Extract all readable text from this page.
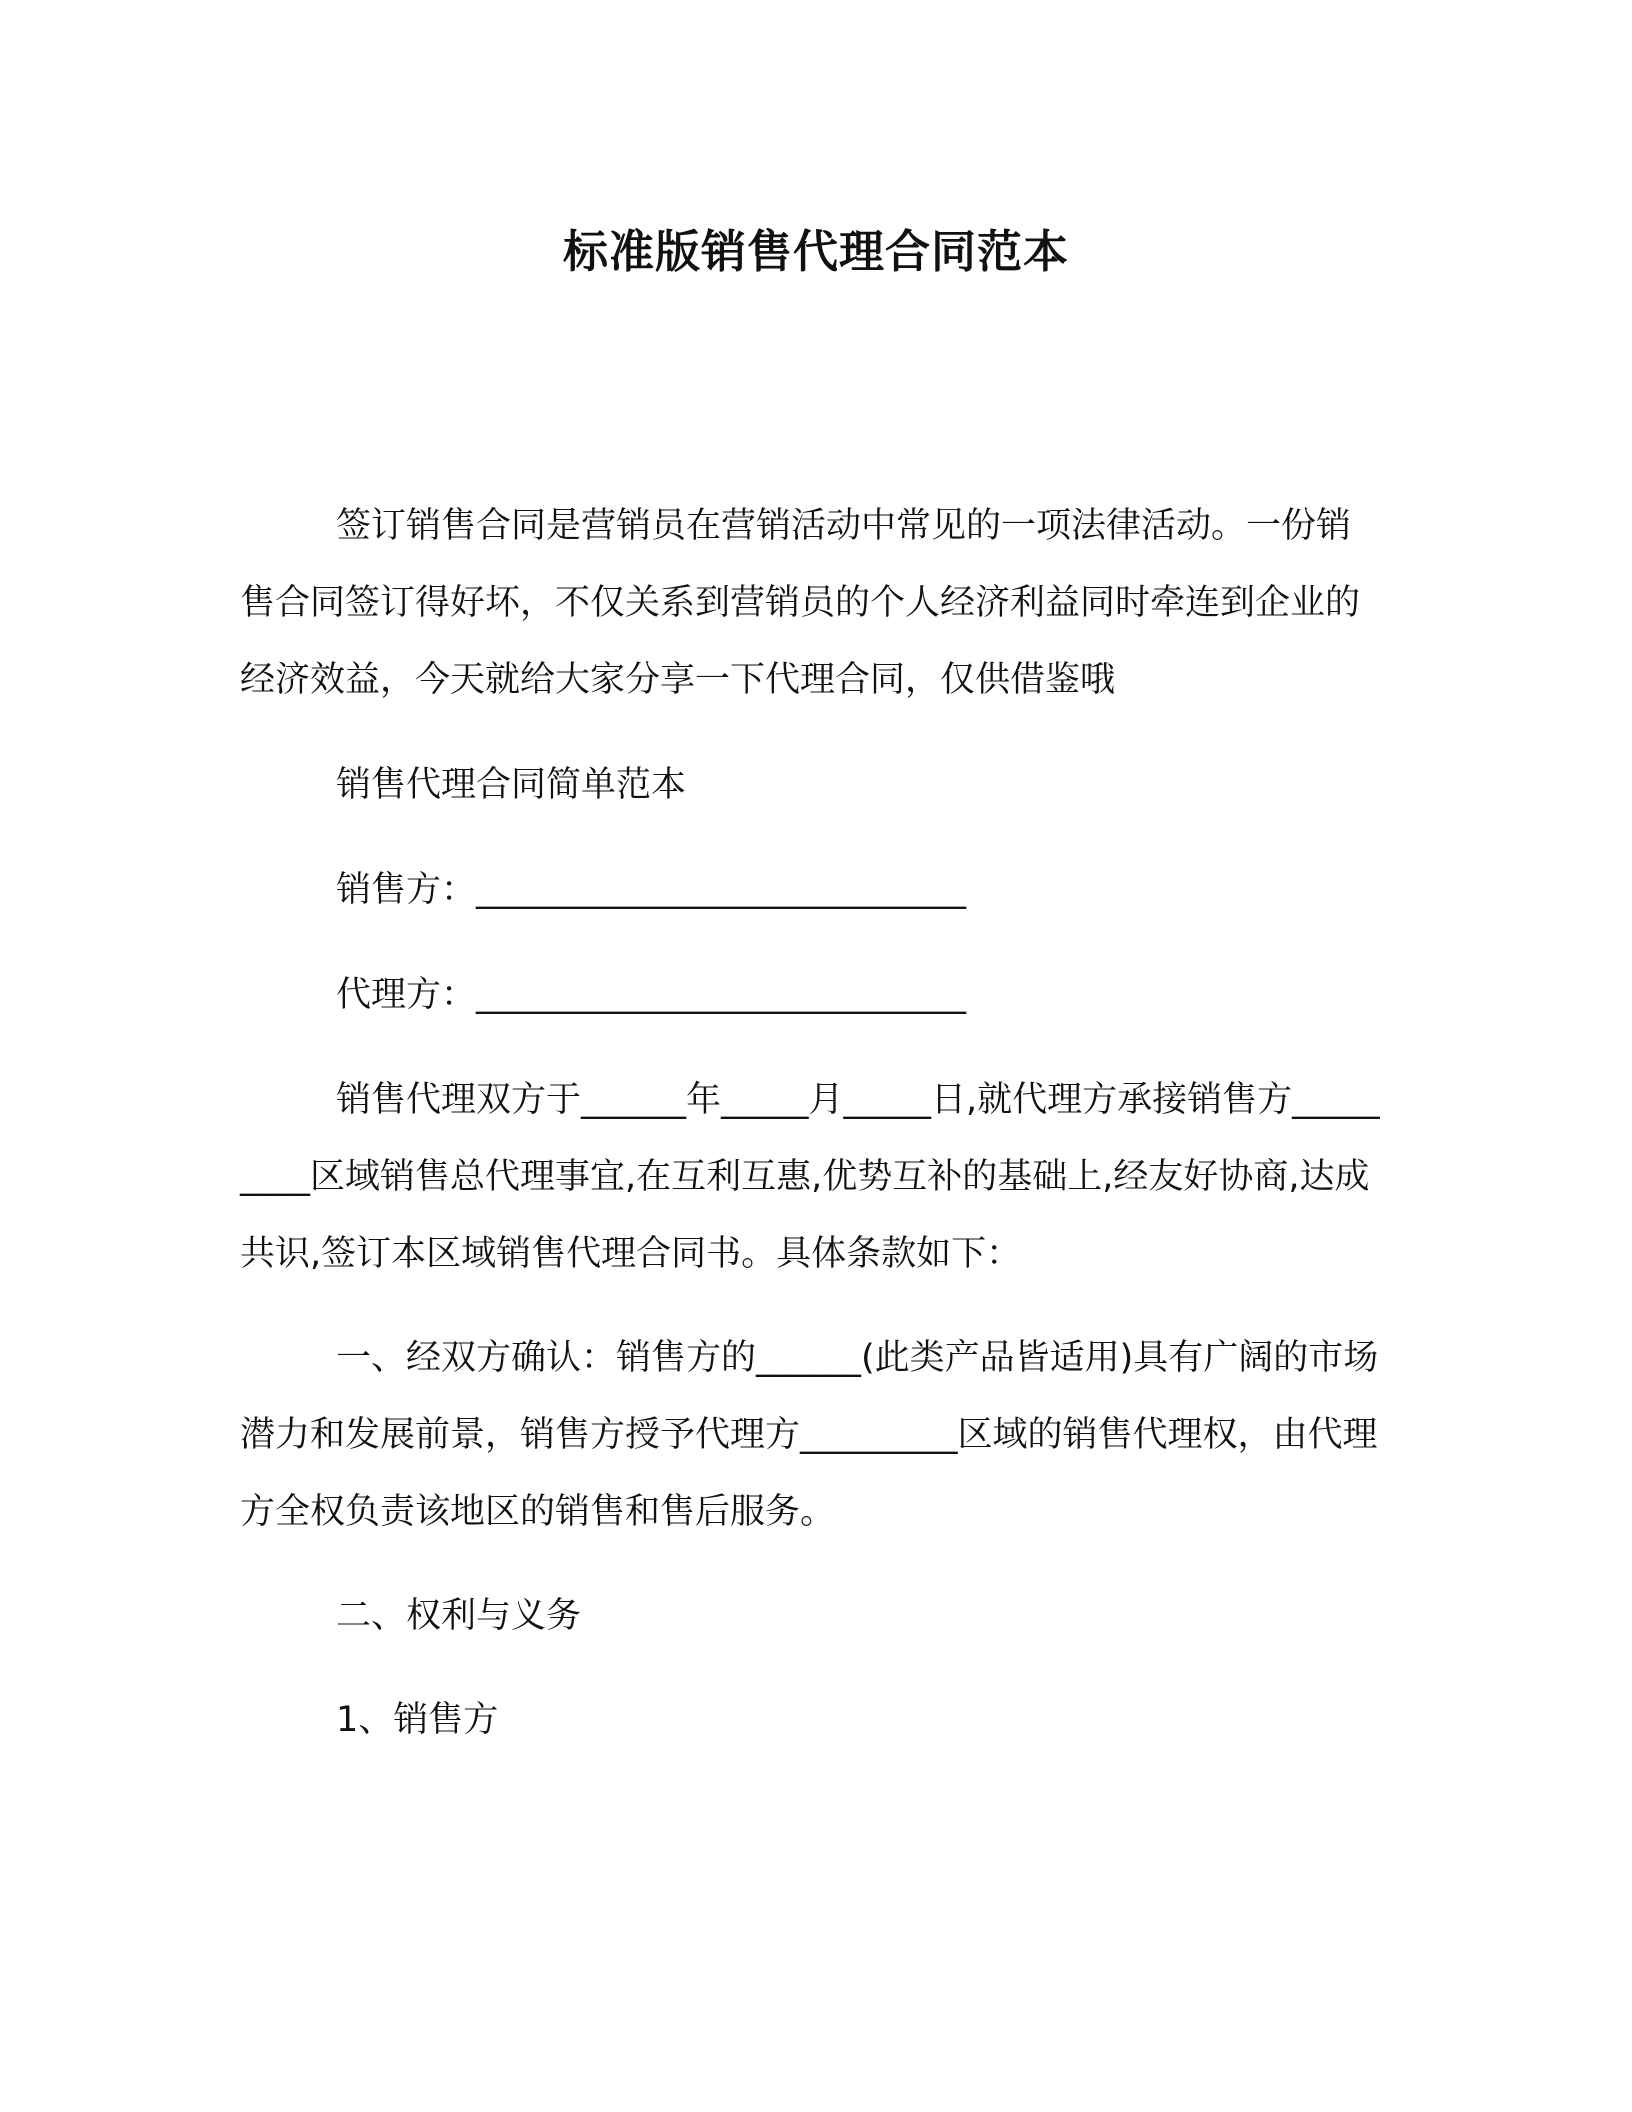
标准版销售代理合同范本

签订销售合同是营销员在营销活动中常见的一项法律活动。一份销售合同签订得好坏，不仅关系到营销员的个人经济利益同时牵连到企业的经济效益，今天就给大家分享一下代理合同，仅供借鉴哦

销售代理合同简单范本

销售方：____________________________

代理方：____________________________

销售代理双方于______年_____月_____日,就代理方承接销售方_________区域销售总代理事宜,在互利互惠,优势互补的基础上,经友好协商,达成共识,签订本区域销售代理合同书。具体条款如下：

一、经双方确认：销售方的______(此类产品皆适用)具有广阔的市场潜力和发展前景，销售方授予代理方_________区域的销售代理权，由代理方全权负责该地区的销售和售后服务。

二、权利与义务

1、销售方
